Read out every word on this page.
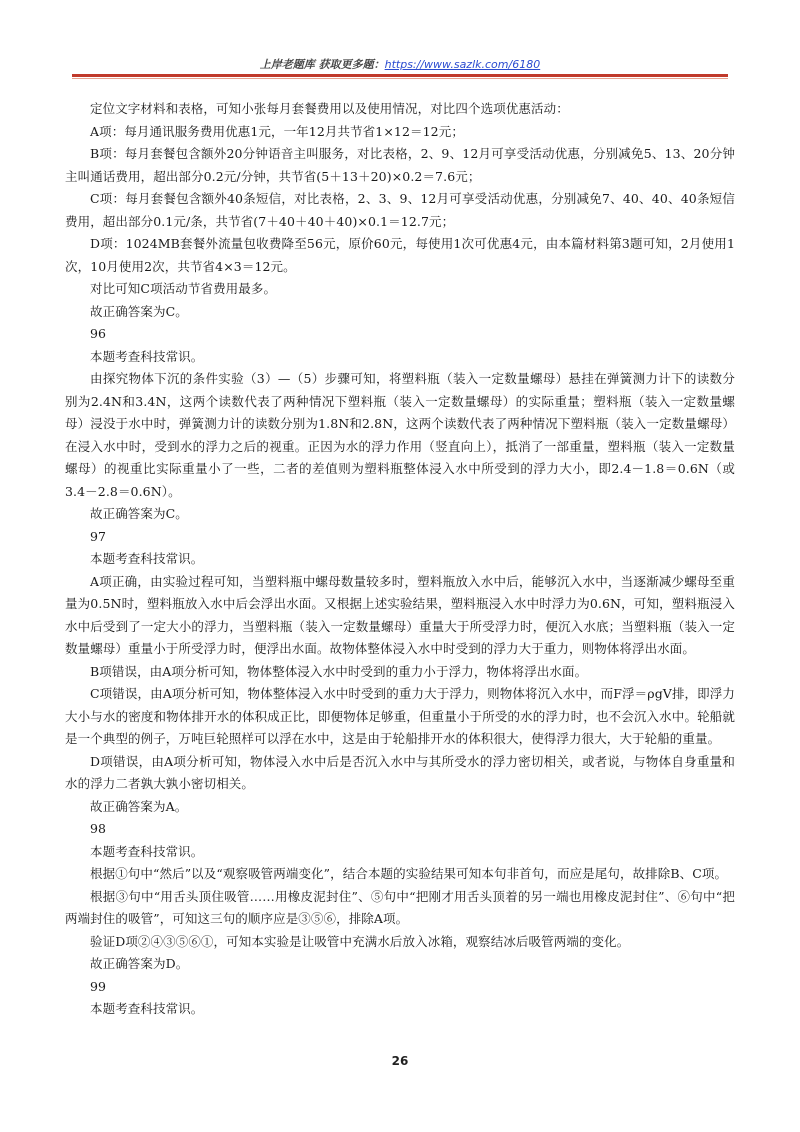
上岸老题库 获取更多题：https://www.sazlk.com/6180

定位文字材料和表格，可知小张每月套餐费用以及使用情况，对比四个选项优惠活动：

A项：每月通讯服务费用优惠1元，一年12月共节省1×12＝12元；

B项：每月套餐包含额外20分钟语音主叫服务，对比表格，2、9、12月可享受活动优惠，分别减免5、13、20分钟主叫通话费用，超出部分0.2元/分钟，共节省(5＋13＋20)×0.2＝7.6元；

C项：每月套餐包含额外40条短信，对比表格，2、3、9、12月可享受活动优惠，分别减免7、40、40、40条短信费用，超出部分0.1元/条，共节省(7＋40＋40＋40)×0.1＝12.7元；

D项：1024MB套餐外流量包收费降至56元，原价60元，每使用1次可优惠4元，由本篇材料第3题可知，2月使用1次，10月使用2次，共节省4×3＝12元。

对比可知C项活动节省费用最多。

故正确答案为C。

96

本题考查科技常识。

由探究物体下沉的条件实验（3）—（5）步骤可知，将塑料瓶（装入一定数量螺母）悬挂在弹簧测力计下的读数分别为2.4N和3.4N，这两个读数代表了两种情况下塑料瓶（装入一定数量螺母）的实际重量；塑料瓶（装入一定数量螺母）浸没于水中时，弹簧测力计的读数分别为1.8N和2.8N，这两个读数代表了两种情况下塑料瓶（装入一定数量螺母）在浸入水中时，受到水的浮力之后的视重。正因为水的浮力作用（竖直向上），抵消了一部重量，塑料瓶（装入一定数量螺母）的视重比实际重量小了一些，二者的差值则为塑料瓶整体浸入水中所受到的浮力大小，即2.4－1.8＝0.6N（或3.4－2.8＝0.6N）。

故正确答案为C。

97

本题考查科技常识。

A项正确，由实验过程可知，当塑料瓶中螺母数量较多时，塑料瓶放入水中后，能够沉入水中，当逐渐减少螺母至重量为0.5N时，塑料瓶放入水中后会浮出水面。又根据上述实验结果，塑料瓶浸入水中时浮力为0.6N，可知，塑料瓶浸入水中后受到了一定大小的浮力，当塑料瓶（装入一定数量螺母）重量大于所受浮力时，便沉入水底；当塑料瓶（装入一定数量螺母）重量小于所受浮力时，便浮出水面。故物体整体浸入水中时受到的浮力大于重力，则物体将浮出水面。

B项错误，由A项分析可知，物体整体浸入水中时受到的重力小于浮力，物体将浮出水面。

C项错误，由A项分析可知，物体整体浸入水中时受到的重力大于浮力，则物体将沉入水中，而F浮＝ρgV排，即浮力大小与水的密度和物体排开水的体积成正比，即便物体足够重，但重量小于所受的水的浮力时，也不会沉入水中。轮船就是一个典型的例子，万吨巨轮照样可以浮在水中，这是由于轮船排开水的体积很大，使得浮力很大，大于轮船的重量。

D项错误，由A项分析可知，物体浸入水中后是否沉入水中与其所受水的浮力密切相关，或者说，与物体自身重量和水的浮力二者孰大孰小密切相关。

故正确答案为A。

98

本题考查科技常识。

根据①句中“然后”以及“观察吸管两端变化”，结合本题的实验结果可知本句非首句，而应是尾句，故排除B、C项。

根据③句中“用舌头顶住吸管……用橡皮泥封住”、⑤句中“把刚才用舌头顶着的另一端也用橡皮泥封住”、⑥句中“把两端封住的吸管”，可知这三句的顺序应是③⑤⑥，排除A项。

验证D项②④③⑤⑥①，可知本实验是让吸管中充满水后放入冰箱，观察结冰后吸管两端的变化。

故正确答案为D。

99

本题考查科技常识。

26
